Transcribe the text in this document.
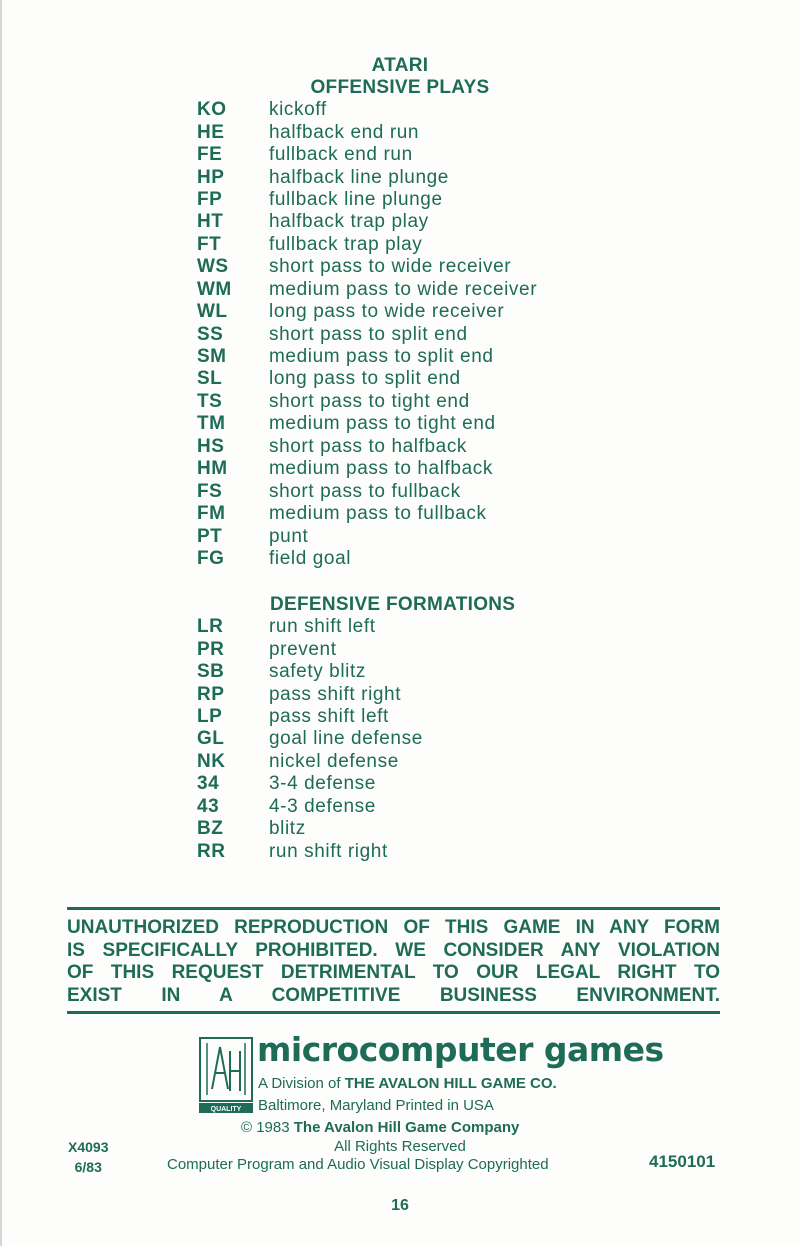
ATARI
OFFENSIVE PLAYS
KO	kickoff
HE	halfback end run
FE	fullback end run
HP	halfback line plunge
FP	fullback line plunge
HT	halfback trap play
FT	fullback trap play
WS	short pass to wide receiver
WM	medium pass to wide receiver
WL	long pass to wide receiver
SS	short pass to split end
SM	medium pass to split end
SL	long pass to split end
TS	short pass to tight end
TM	medium pass to tight end
HS	short pass to halfback
HM	medium pass to halfback
FS	short pass to fullback
FM	medium pass to fullback
PT	punt
FG	field goal
DEFENSIVE FORMATIONS
LR	run shift left
PR	prevent
SB	safety blitz
RP	pass shift right
LP	pass shift left
GL	goal line defense
NK	nickel defense
34	3-4 defense
43	4-3 defense
BZ	blitz
RR	run shift right
UNAUTHORIZED REPRODUCTION OF THIS GAME IN ANY FORM
IS SPECIFICALLY PROHIBITED. WE CONSIDER ANY VIOLATION
OF THIS REQUEST DETRIMENTAL TO OUR LEGAL RIGHT TO
EXIST IN A COMPETITIVE BUSINESS ENVIRONMENT.
QUALITY
microcomputer games
A Division of THE AVALON HILL GAME CO.
Baltimore, Maryland Printed in USA
© 1983 The Avalon Hill Game Company
All Rights Reserved
Computer Program and Audio Visual Display Copyrighted
X4093
6/83	4150101
16
